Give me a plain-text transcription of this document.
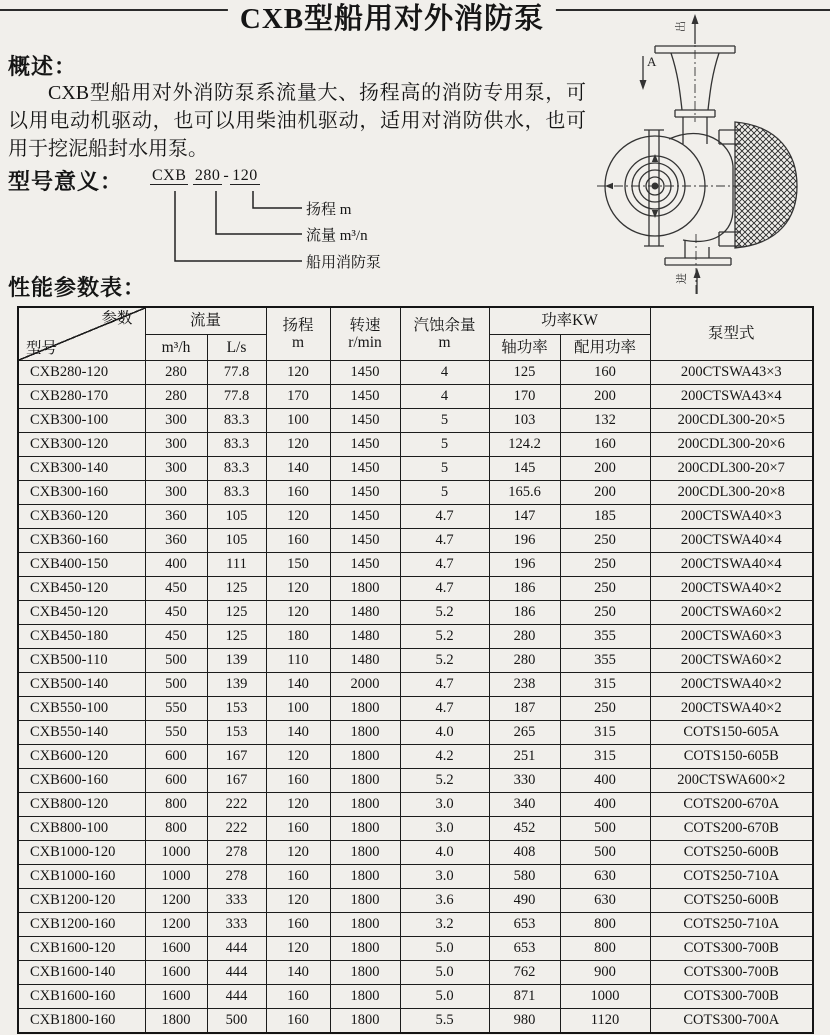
CXB型船用对外消防泵
概述：

CXB型船用对外消防泵系流量大、扬程高的消防专用泵，可以用电动机驱动，也可以用柴油机驱动，适用对消防供水，也可用于挖泥船封水用泵。

型号意义： CXB 280 - 120
扬程 m
流量 m³/n
船用消防泵
A
出
进
性能参数表：
参数
型号
	流量	扬程
m

转速
r/min

汽蚀余量
m
	功率KW	泵型式
	m³/h	L/s				轴功率	配用功率	
CXB280-120	280	77.8	120	1450	4	125	160	200CTSWA43×3
CXB280-170	280	77.8	170	1450	4	170	200	200CTSWA43×4
CXB300-100	300	83.3	100	1450	5	103	132	200CDL300-20×5
CXB300-120	300	83.3	120	1450	5	124.2	160	200CDL300-20×6
CXB300-140	300	83.3	140	1450	5	145	200	200CDL300-20×7
CXB300-160	300	83.3	160	1450	5	165.6	200	200CDL300-20×8
CXB360-120	360	105	120	1450	4.7	147	185	200CTSWA40×3
CXB360-160	360	105	160	1450	4.7	196	250	200CTSWA40×4
CXB400-150	400	111	150	1450	4.7	196	250	200CTSWA40×4
CXB450-120	450	125	120	1800	4.7	186	250	200CTSWA40×2
CXB450-120	450	125	120	1480	5.2	186	250	200CTSWA60×2
CXB450-180	450	125	180	1480	5.2	280	355	200CTSWA60×3
CXB500-110	500	139	110	1480	5.2	280	355	200CTSWA60×2
CXB500-140	500	139	140	2000	4.7	238	315	200CTSWA40×2
CXB550-100	550	153	100	1800	4.7	187	250	200CTSWA40×2
CXB550-140	550	153	140	1800	4.0	265	315	COTS150-605A
CXB600-120	600	167	120	1800	4.2	251	315	COTS150-605B
CXB600-160	600	167	160	1800	5.2	330	400	200CTSWA600×2
CXB800-120	800	222	120	1800	3.0	340	400	COTS200-670A
CXB800-100	800	222	160	1800	3.0	452	500	COTS200-670B
CXB1000-120	1000	278	120	1800	4.0	408	500	COTS250-600B
CXB1000-160	1000	278	160	1800	3.0	580	630	COTS250-710A
CXB1200-120	1200	333	120	1800	3.6	490	630	COTS250-600B
CXB1200-160	1200	333	160	1800	3.2	653	800	COTS250-710A
CXB1600-120	1600	444	120	1800	5.0	653	800	COTS300-700B
CXB1600-140	1600	444	140	1800	5.0	762	900	COTS300-700B
CXB1600-160	1600	444	160	1800	5.0	871	1000	COTS300-700B
CXB1800-160	1800	500	160	1800	5.5	980	1120	COTS300-700A
